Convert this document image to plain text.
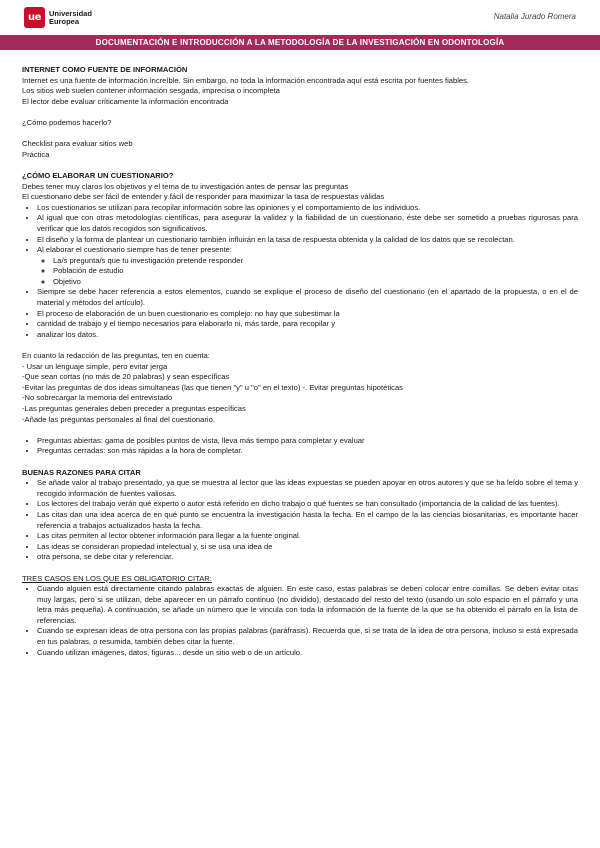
ue	Universidad
Europea	Natalia Jurado Romera
DOCUMENTACIÓN E INTRODUCCIÓN A LA METODOLOGÍA DE LA INVESTIGACIÓN EN ODONTOLOGÍA

INTERNET COMO FUENTE DE INFORMACIÓN

Internet es una fuente de información increíble. Sin embargo, no toda la información encontrada aquí está escrita por fuentes fiables.

Los sitios web suelen contener información sesgada, imprecisa o incompleta

El lector debe evaluar críticamente la información encontrada

¿Cómo podemos hacerlo?

Checklist para evaluar sitios web

Práctica

¿CÓMO ELABORAR UN CUESTIONARIO?

Debes tener muy claros los objetivos y el tema de tu investigación antes de pensar las preguntas

El cuestionario debe ser fácil de entender y fácil de responder para maximizar la tasa de respuestas válidas

• Los cuestionarios se utilizan para recopilar información sobre las opiniones y el comportamiento de los individuos.
• Al igual que con otras metodologías científicas, para asegurar la validez y la fiabilidad de un cuestionario, éste debe ser sometido a pruebas rigurosas para verificar que los datos recogidos son significativos.
• El diseño y la forma de plantear un cuestionario también influirán en la tasa de respuesta obtenida y la calidad de los datos que se recolectan.
• Al elaborar el cuestionario siempre has de tener presente:
◦ La/s pregunta/s que tu investigación pretende responder
◦ Población de estudio
◦ Objetivo
• Siempre se debe hacer referencia a estos elementos, cuando se explique el proceso de diseño del cuestionario (en el apartado de la propuesta, o en el de material y métodos del artículo).
• El proceso de elaboración de un buen cuestionario es complejo: no hay que subestimar la
• cantidad de trabajo y el tiempo necesarios para elaborarlo ni, más tarde, para recopilar y
• analizar los datos.

En cuanto la redacción de las preguntas, ten en cuenta:

- Usar un lenguaje simple, pero evitar jerga

-Que sean cortas (no más de 20 palabras) y sean específicas

-Evitar las preguntas de dos ideas simultaneas (las que tienen "y" u "o" en el texto) -. Evitar preguntas hipotéticas

-No sobrecargar la memoria del entrevistado

-Las preguntas generales deben preceder a preguntas específicas

-Añade las preguntas personales al final del cuestionario.

• Preguntas abiertas: gama de posibles puntos de vista, lleva más tiempo para completar y evaluar
• Preguntas cerradas: son más rápidas a la hora de completar.

BUENAS RAZONES PARA CITAR

• Se añade valor al trabajo presentado, ya que se muestra al lector que las ideas expuestas se pueden apoyar en otros autores y que se ha leído sobre el tema y recogido información de fuentes valiosas.
• Los lectores del trabajo verán qué experto o autor está referido en dicho trabajo o qué fuentes se han consultado (importancia de la calidad de las fuentes).
• Las citas dan una idea acerca de en qué punto se encuentra la investigación hasta la fecha. En el campo de la las ciencias biosanitarias, es importante hacer referencia a trabajos actualizados hasta la fecha.
• Las citas permiten al lector obtener información para llegar a la fuente original.
• Las ideas se consideran propiedad intelectual y, si se usa una idea de
• otra persona, se debe citar y referenciar.

TRES CASOS EN LOS QUE ES OBLIGATORIO CITAR:

• Cuando alguien está directamente citando palabras exactas de alguien. En este caso, estas palabras se deben colocar entre comillas. Se deben evitar citas muy largas, pero si se utilizan, debe aparecer en un párrafo continuo (no dividido), destacado del resto del texto (usando un solo espacio en el párrafo y una letra más pequeña). A continuación, se añade un número que le vincula con toda la información de la fuente de la que se ha obtenido el párrafo en la lista de referencias.
• Cuando se expresan ideas de otra persona con las propias palabras (paráfrasis). Recuerda que, si se trata de la idea de otra persona, incluso si está expresada en tus palabras, o resumida, también debes citar la fuente.
• Cuando utilizan imágenes, datos, figuras... desde un sitio web o de un artículo.
